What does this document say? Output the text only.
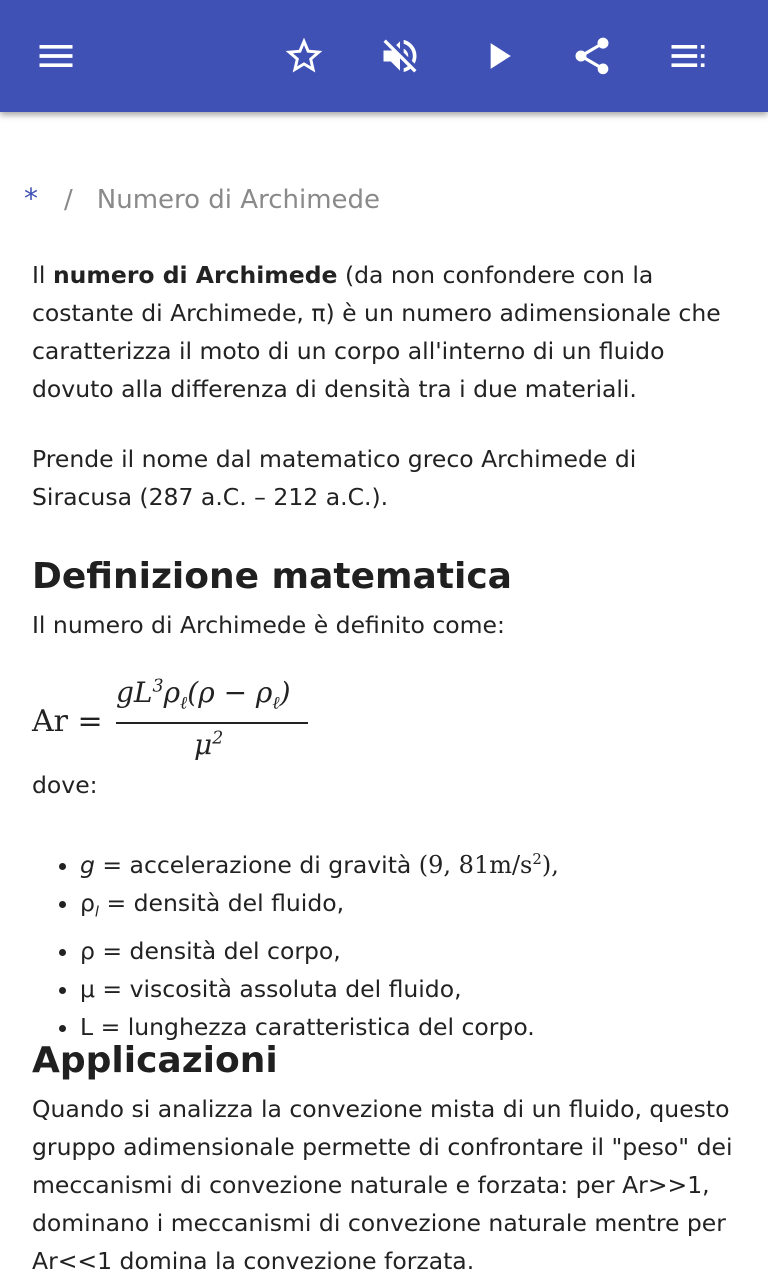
* / Numero di Archimede

Il numero di Archimede (da non confondere con la costante di Archimede, π) è un numero adimensionale che caratterizza il moto di un corpo all'interno di un fluido dovuto alla differenza di densità tra i due materiali.

Prende il nome dal matematico greco Archimede di Siracusa (287 a.C. – 212 a.C.).

Definizione matematica

Il numero di Archimede è definito come:

Ar =
$gL^3\rho_\ell(\rho - \rho_\ell)$
$\mu^2$

dove:

• g = accelerazione di gravità (9, $81m/s^2$),
• $\rho_l$ = densità del fluido,
• ρ = densità del corpo,
• μ = viscosità assoluta del fluido,
• L = lunghezza caratteristica del corpo.
Applicazioni

Quando si analizza la convezione mista di un fluido, questo gruppo adimensionale permette di confrontare il "peso" dei meccanismi di convezione naturale e forzata: per Ar>>1, dominano i meccanismi di convezione naturale mentre per Ar<<1 domina la convezione forzata.
